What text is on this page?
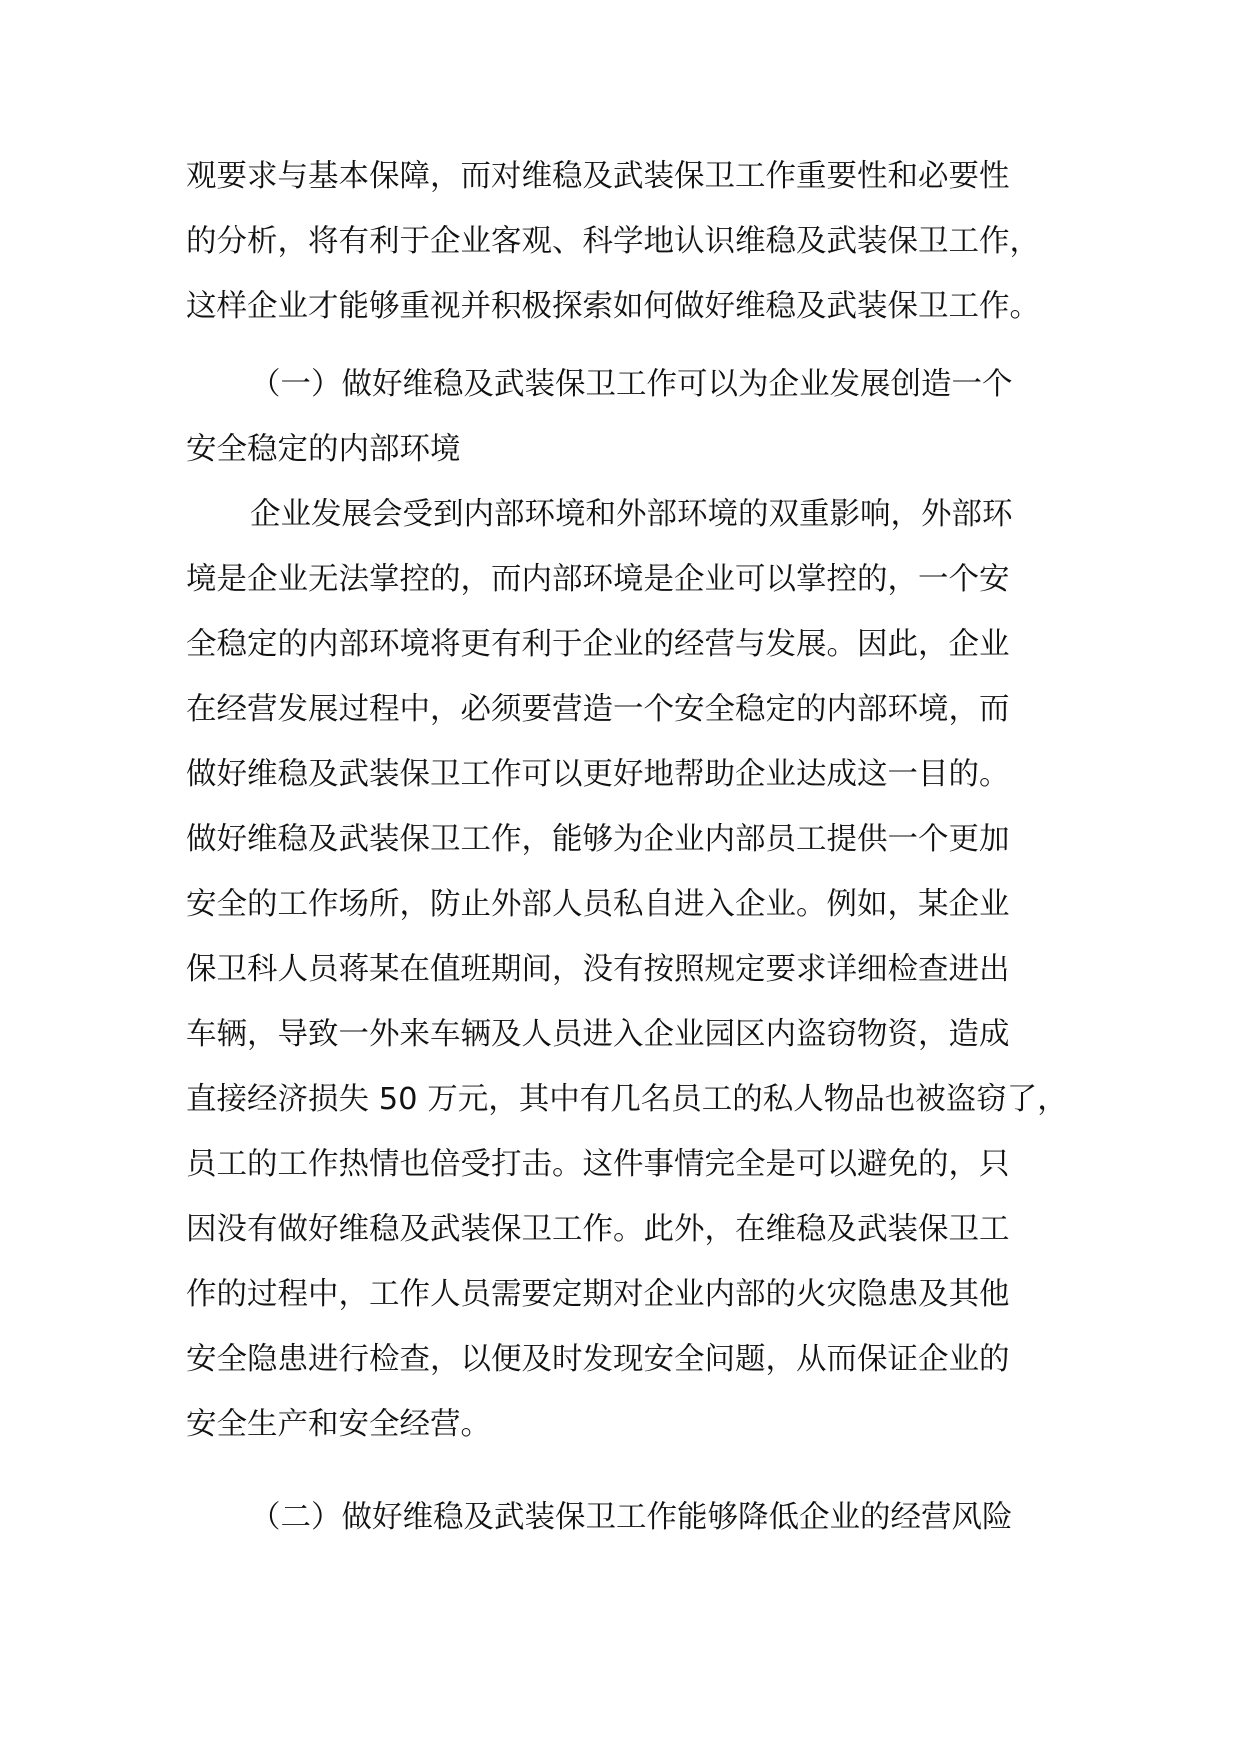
观要求与基本保障，而对维稳及武装保卫工作重要性和必要性
的分析，将有利于企业客观、科学地认识维稳及武装保卫工作，
这样企业才能够重视并积极探索如何做好维稳及武装保卫工作。
（一）做好维稳及武装保卫工作可以为企业发展创造一个
安全稳定的内部环境
企业发展会受到内部环境和外部环境的双重影响，外部环
境是企业无法掌控的，而内部环境是企业可以掌控的，一个安
全稳定的内部环境将更有利于企业的经营与发展。因此，企业
在经营发展过程中，必须要营造一个安全稳定的内部环境，而
做好维稳及武装保卫工作可以更好地帮助企业达成这一目的。
做好维稳及武装保卫工作，能够为企业内部员工提供一个更加
安全的工作场所，防止外部人员私自进入企业。例如，某企业
保卫科人员蒋某在值班期间，没有按照规定要求详细检查进出
车辆，导致一外来车辆及人员进入企业园区内盗窃物资，造成
直接经济损失 50 万元，其中有几名员工的私人物品也被盗窃了，
员工的工作热情也倍受打击。这件事情完全是可以避免的，只
因没有做好维稳及武装保卫工作。此外，在维稳及武装保卫工
作的过程中，工作人员需要定期对企业内部的火灾隐患及其他
安全隐患进行检查，以便及时发现安全问题，从而保证企业的
安全生产和安全经营。
（二）做好维稳及武装保卫工作能够降低企业的经营风险
